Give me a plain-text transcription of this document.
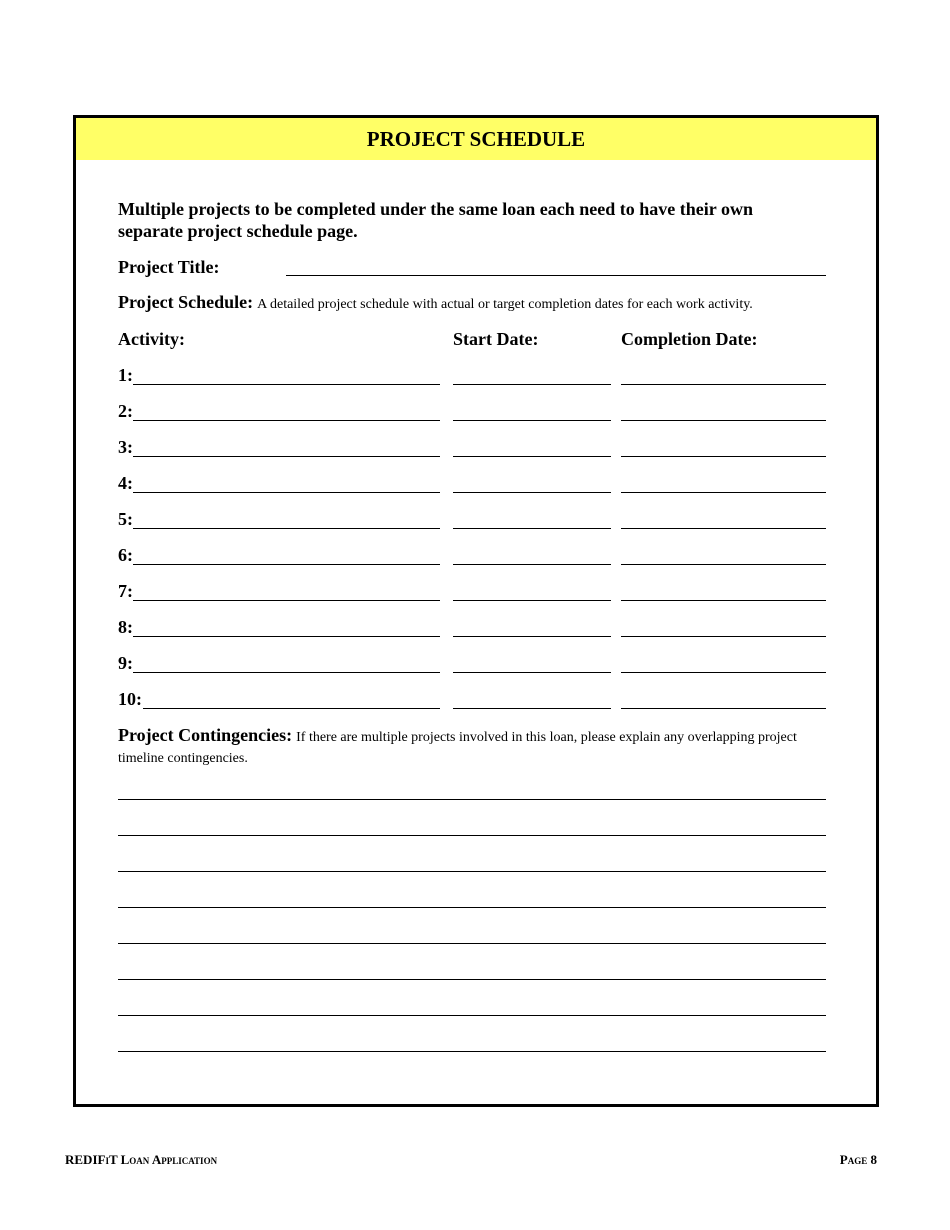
PROJECT SCHEDULE
Multiple projects to be completed under the same loan each need to have their own separate project schedule page.
Project Title:
Project Schedule: A detailed project schedule with actual or target completion dates for each work activity.
Activity:	Start Date:	Completion Date:
1:
2:
3:
4:
5:
6:
7:
8:
9:
10:
Project Contingencies: If there are multiple projects involved in this loan, please explain any overlapping project timeline contingencies.
REDIFiT Loan Application	Page 8
